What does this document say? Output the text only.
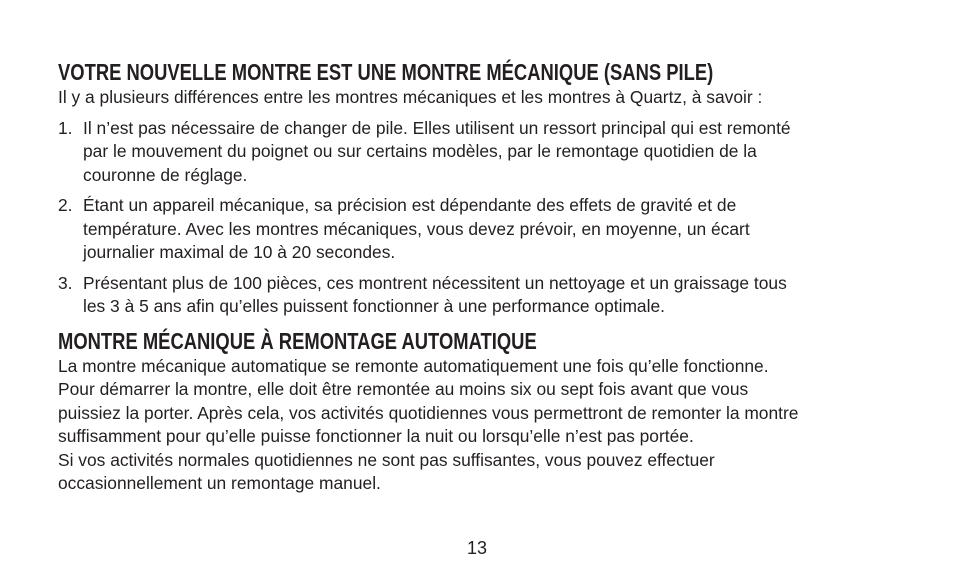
VOTRE NOUVELLE MONTRE EST UNE MONTRE MÉCANIQUE (SANS PILE)

Il y a plusieurs différences entre les montres mécaniques et les montres à Quartz, à savoir :

1. Il n’est pas nécessaire de changer de pile. Elles utilisent un ressort principal qui est remonté
par le mouvement du poignet ou sur certains modèles, par le remontage quotidien de la
couronne de réglage.
2. Étant un appareil mécanique, sa précision est dépendante des effets de gravité et de
température. Avec les montres mécaniques, vous devez prévoir, en moyenne, un écart
journalier maximal de 10 à 20 secondes.
3. Présentant plus de 100 pièces, ces montrent nécessitent un nettoyage et un graissage tous
les 3 à 5 ans afin qu’elles puissent fonctionner à une performance optimale.
MONTRE MÉCANIQUE À REMONTAGE AUTOMATIQUE

La montre mécanique automatique se remonte automatiquement une fois qu’elle fonctionne.
Pour démarrer la montre, elle doit être remontée au moins six ou sept fois avant que vous
puissiez la porter. Après cela, vos activités quotidiennes vous permettront de remonter la montre
suffisamment pour qu’elle puisse fonctionner la nuit ou lorsqu’elle n’est pas portée.
Si vos activités normales quotidiennes ne sont pas suffisantes, vous pouvez effectuer
occasionnellement un remontage manuel.

13
